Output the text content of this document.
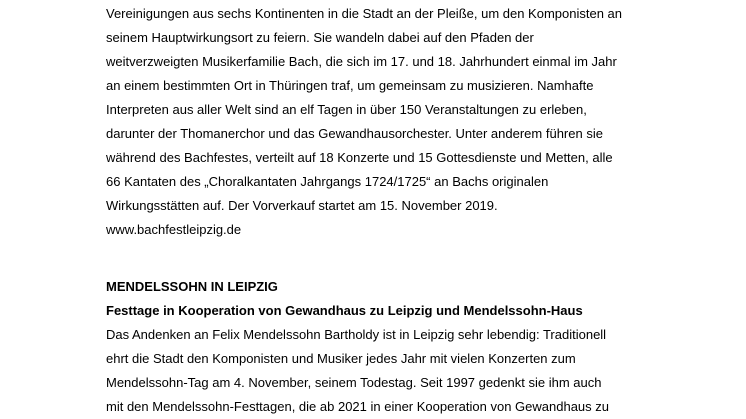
Vereinigungen aus sechs Kontinenten in die Stadt an der Pleiße, um den Komponisten an
seinem Hauptwirkungsort zu feiern. Sie wandeln dabei auf den Pfaden der
weitverzweigten Musikerfamilie Bach, die sich im 17. und 18. Jahrhundert einmal im Jahr
an einem bestimmten Ort in Thüringen traf, um gemeinsam zu musizieren. Namhafte
Interpreten aus aller Welt sind an elf Tagen in über 150 Veranstaltungen zu erleben,
darunter der Thomanerchor und das Gewandhausorchester. Unter anderem führen sie
während des Bachfestes, verteilt auf 18 Konzerte und 15 Gottesdienste und Metten, alle
66 Kantaten des „Choralkantaten Jahrgangs 1724/1725“ an Bachs originalen
Wirkungsstätten auf. Der Vorverkauf startet am 15. November 2019.
www.bachfestleipzig.de
MENDELSSOHN IN LEIPZIG
Festtage in Kooperation von Gewandhaus zu Leipzig und Mendelssohn-Haus
Das Andenken an Felix Mendelssohn Bartholdy ist in Leipzig sehr lebendig: Traditionell
ehrt die Stadt den Komponisten und Musiker jedes Jahr mit vielen Konzerten zum
Mendelssohn-Tag am 4. November, seinem Todestag. Seit 1997 gedenkt sie ihm auch
mit den Mendelssohn-Festtagen, die ab 2021 in einer Kooperation von Gewandhaus zu
